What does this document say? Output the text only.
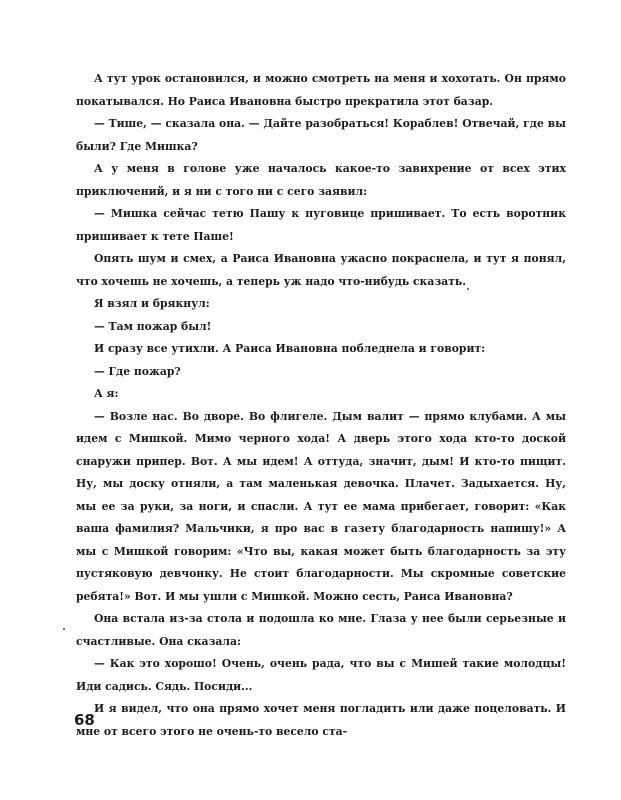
А тут урок остановился, и можно смотреть на меня и хохотать. Он прямо покатывался. Но Раиса Ивановна быстро прекратила этот базар.

— Тише, — сказала она. — Дайте разобраться! Кораблев! Отвечай, где вы были? Где Мишка?

А у меня в голове уже началось какое-то завихрение от всех этих приключений, и я ни с того ни с сего заявил:

— Мишка сейчас тетю Пашу к пуговице пришивает. То есть воротник пришивает к тете Паше!

Опять шум и смех, а Раиса Ивановна ужасно покраснела, и тут я понял, что хочешь не хочешь, а теперь уж надо что-нибудь сказать.

Я взял и брякнул:

— Там пожар был!

И сразу все утихли. А Раиса Ивановна побледнела и говорит:

— Где пожар?

А я:

— Возле нас. Во дворе. Во флигеле. Дым валит — прямо клубами. А мы идем с Мишкой. Мимо черного хода! А дверь этого хода кто-то доской снаружи припер. Вот. А мы идем! А оттуда, значит, дым! И кто-то пищит. Ну, мы доску отняли, а там маленькая девочка. Плачет. Задыхается. Ну, мы ее за руки, за ноги, и спасли. А тут ее мама прибегает, говорит: «Как ваша фамилия? Мальчики, я про вас в газету благодарность напишу!» А мы с Мишкой говорим: «Что вы, какая может быть благодарность за эту пустяковую девчонку. Не стоит благодарности. Мы скромные советские ребята!» Вот. И мы ушли с Мишкой. Можно сесть, Раиса Ивановна?

Она встала из-за стола и подошла ко мне. Глаза у нее были серьезные и счастливые. Она сказала:

— Как это хорошо! Очень, очень рада, что вы с Мишей такие молодцы! Иди садись. Сядь. Посиди...

И я видел, что она прямо хочет меня погладить или даже поцеловать. И мне от всего этого не очень-то весело ста-

68
